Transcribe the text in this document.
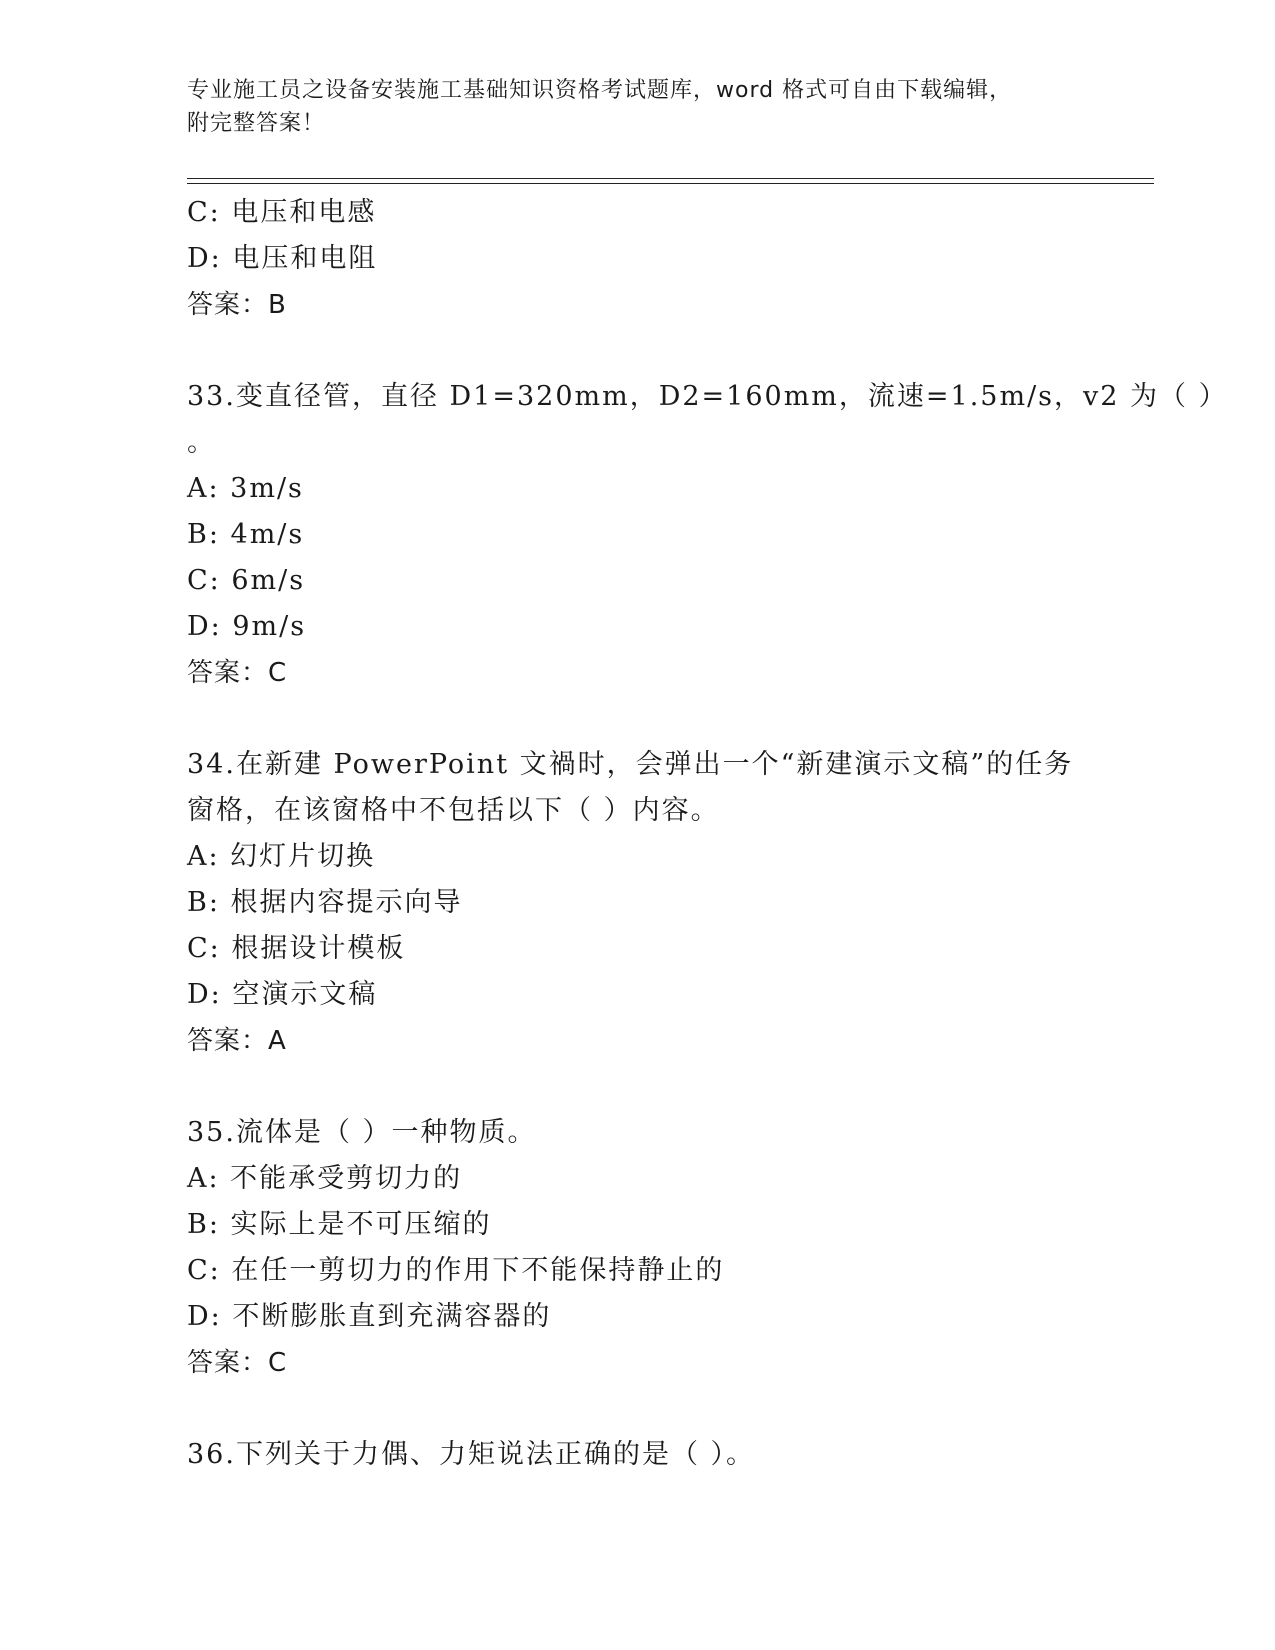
专业施工员之设备安装施工基础知识资格考试题库，word 格式可自由下载编辑，
附完整答案！
C: 电压和电感
D: 电压和电阻
答案：B
33.变直径管，直径 D1=320mm，D2=160mm，流速=1.5m/s，v2 为（ ）
。
A: 3m/s
B: 4m/s
C: 6m/s
D: 9m/s
答案：C
34.在新建 PowerPoint 文禍时，会弹出一个“新建演示文稿”的任务
窗格，在该窗格中不包括以下（ ）内容。
A: 幻灯片切换
B: 根据内容提示向导
C: 根据设计模板
D: 空演示文稿
答案：A
35.流体是（ ）一种物质。
A: 不能承受剪切力的
B: 实际上是不可压缩的
C: 在任一剪切力的作用下不能保持静止的
D: 不断膨胀直到充满容器的
答案：C
36.下列关于力偶、力矩说法正确的是（ ）。
